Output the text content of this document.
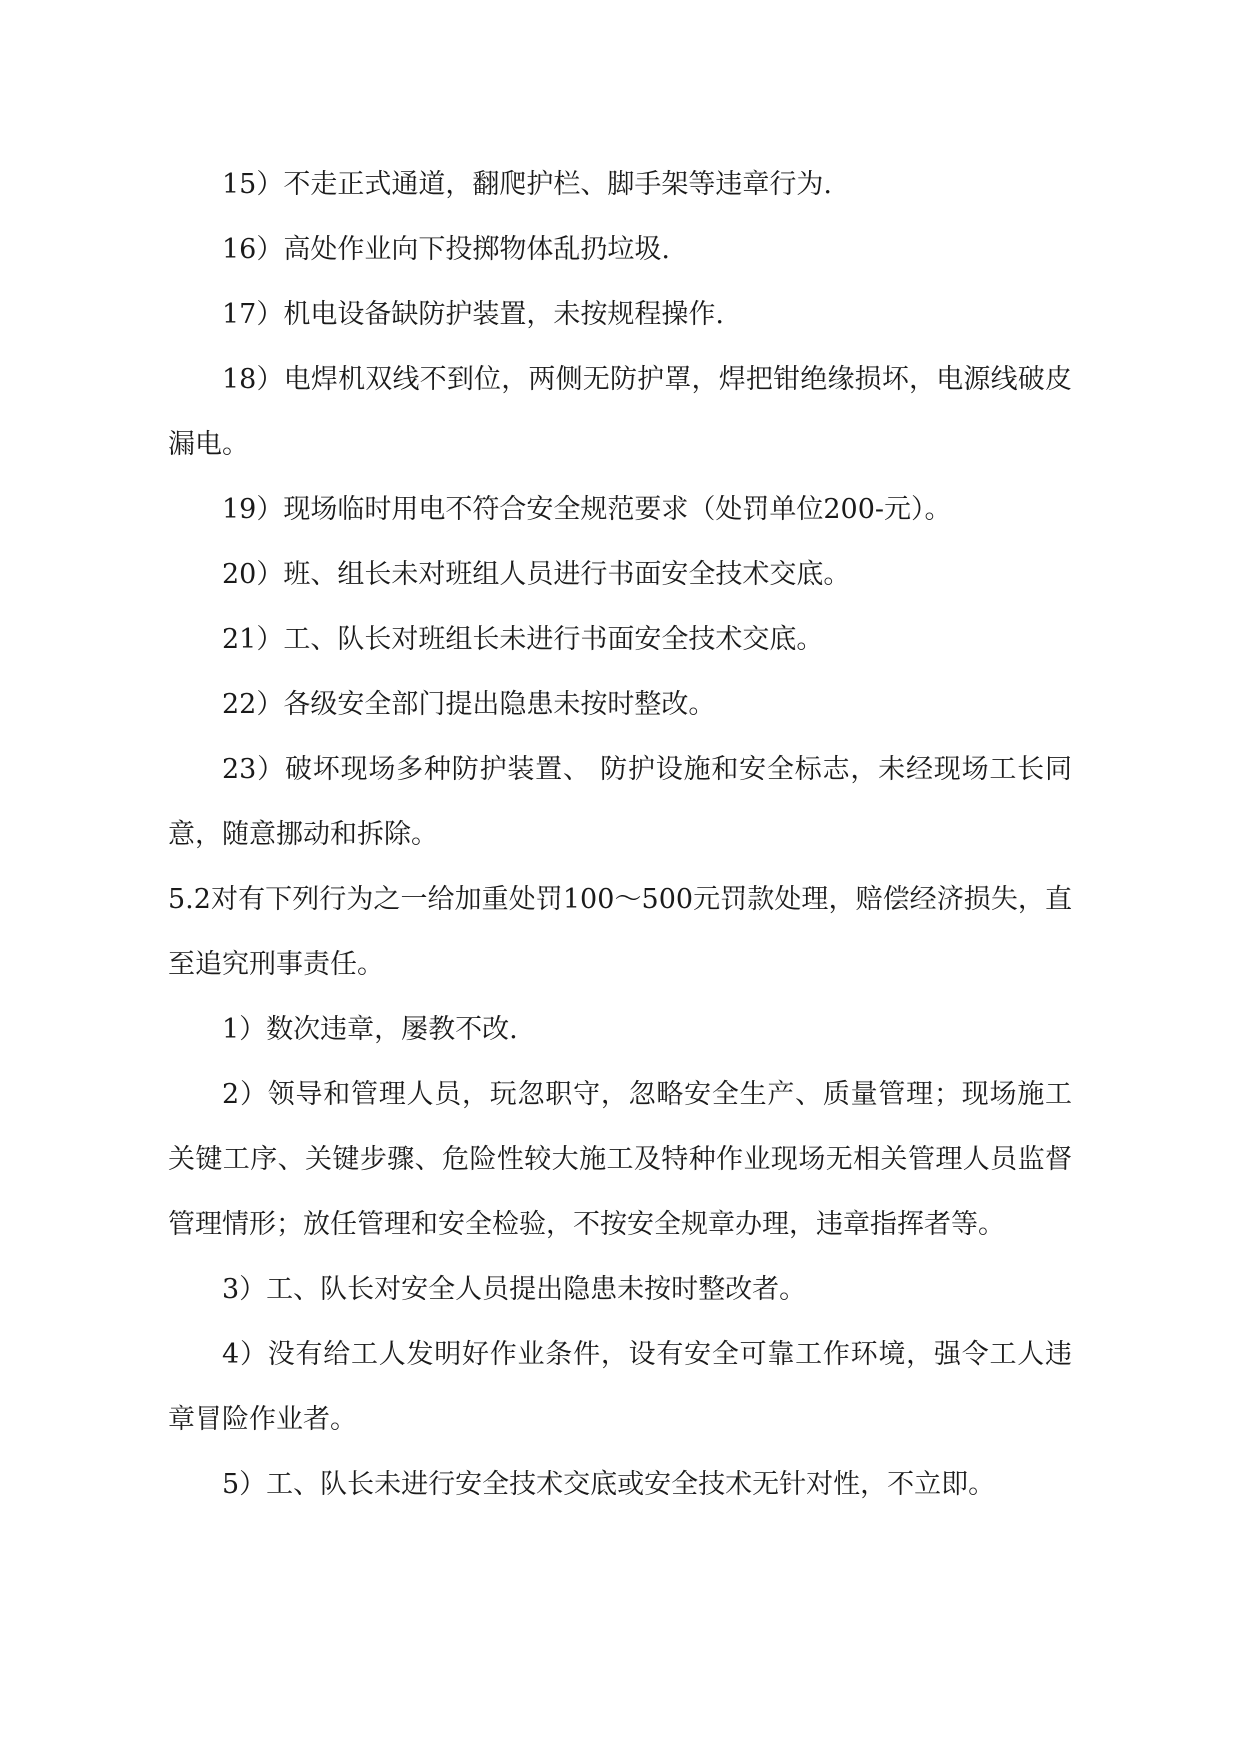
15）不走正式通道，翻爬护栏、脚手架等违章行为.

16）高处作业向下投掷物体乱扔垃圾.

17）机电设备缺防护装置，未按规程操作.

18）电焊机双线不到位，两侧无防护罩，焊把钳绝缘损坏，电源线破皮漏电。

19）现场临时用电不符合安全规范要求（处罚单位200-元）。

20）班、组长未对班组人员进行书面安全技术交底。

21）工、队长对班组长未进行书面安全技术交底。

22）各级安全部门提出隐患未按时整改。

23）破坏现场多种防护装置、 防护设施和安全标志，未经现场工长同意，随意挪动和拆除。

5.2对有下列行为之一给加重处罚100～500元罚款处理，赔偿经济损失，直至追究刑事责任。

1）数次违章，屡教不改.

2）领导和管理人员，玩忽职守，忽略安全生产、质量管理；现场施工关键工序、关键步骤、危险性较大施工及特种作业现场无相关管理人员监督管理情形；放任管理和安全检验，不按安全规章办理，违章指挥者等。

3）工、队长对安全人员提出隐患未按时整改者。

4）没有给工人发明好作业条件，设有安全可靠工作环境，强令工人违章冒险作业者。

5）工、队长未进行安全技术交底或安全技术无针对性，不立即。
